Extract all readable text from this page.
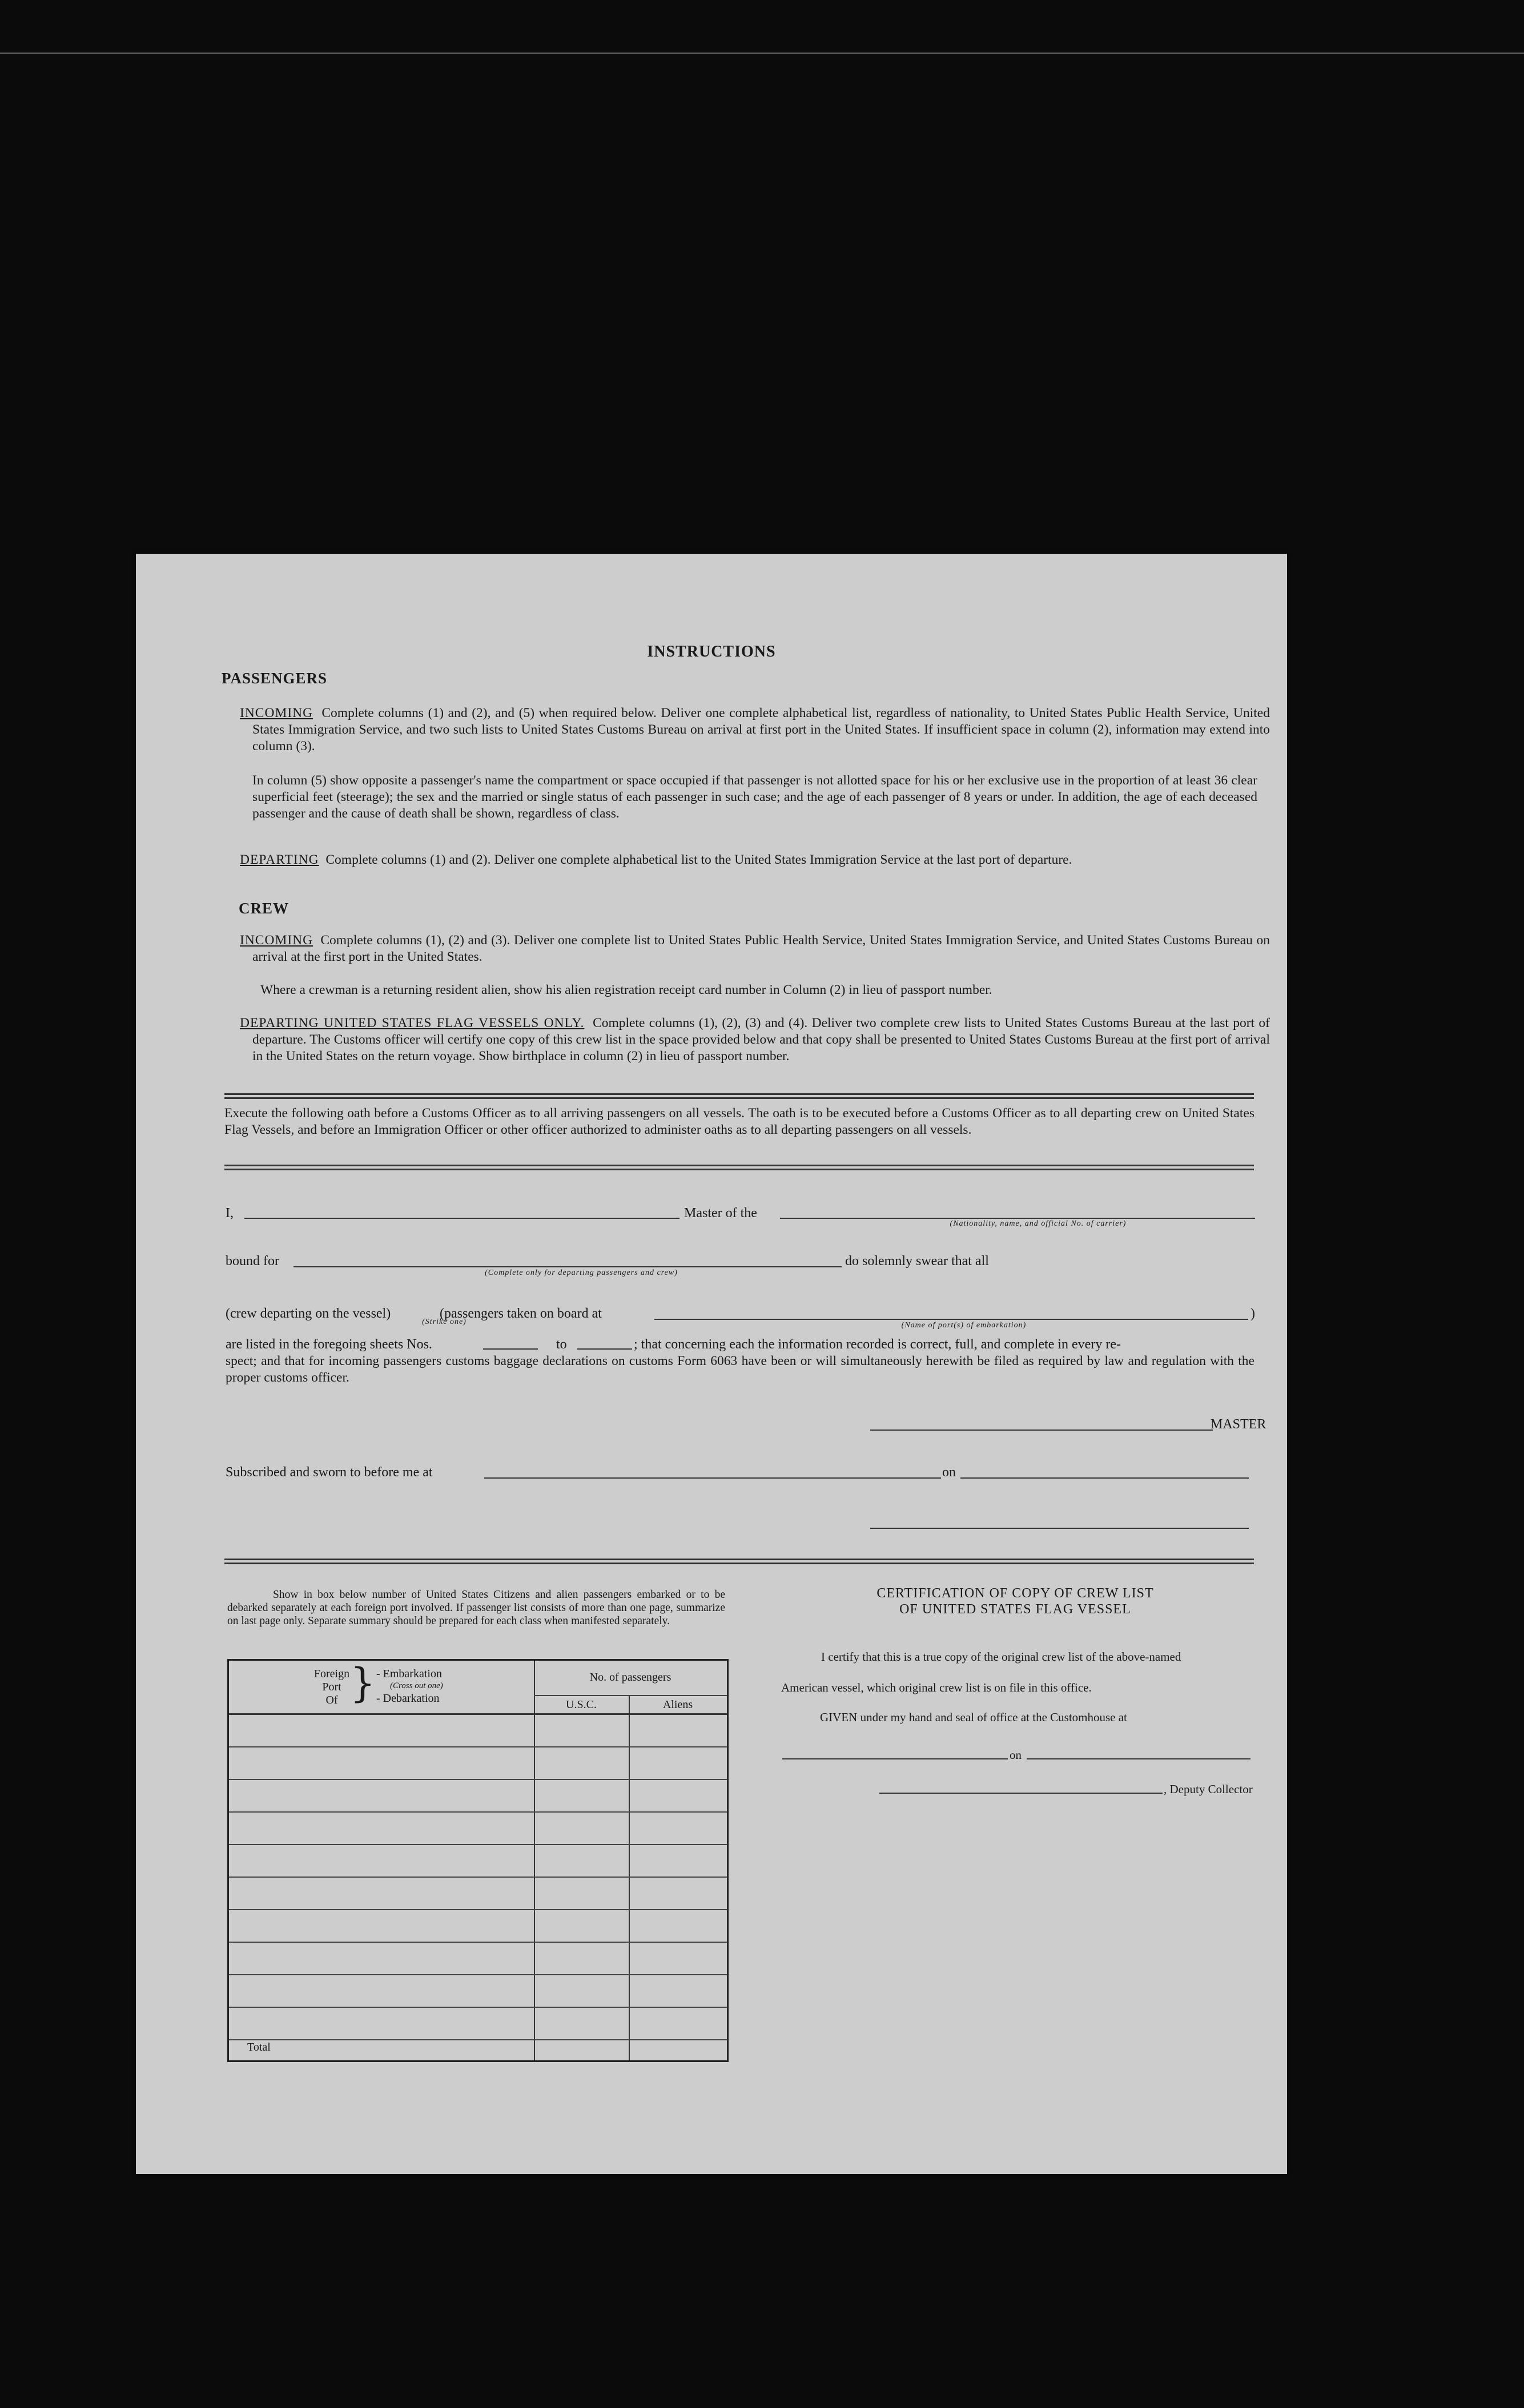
INSTRUCTIONS
PASSENGERS
INCOMING Complete columns (1) and (2), and (5) when required below. Deliver one complete alphabetical list, regardless of nationality, to United States Public Health Service, United States Immigration Service, and two such lists to United States Customs Bureau on arrival at first port in the United States. If insufficient space in column (2), information may extend into column (3).
In column (5) show opposite a passenger's name the compartment or space occupied if that passenger is not allotted space for his or her exclusive use in the proportion of at least 36 clear superficial feet (steerage); the sex and the married or single status of each passenger in such case; and the age of each passenger of 8 years or under. In addition, the age of each deceased passenger and the cause of death shall be shown, regardless of class.
DEPARTING Complete columns (1) and (2). Deliver one complete alphabetical list to the United States Immigration Service at the last port of departure.
CREW
INCOMING Complete columns (1), (2) and (3). Deliver one complete list to United States Public Health Service, United States Immigration Service, and United States Customs Bureau on arrival at the first port in the United States.
Where a crewman is a returning resident alien, show his alien registration receipt card number in Column (2) in lieu of passport number.
DEPARTING UNITED STATES FLAG VESSELS ONLY. Complete columns (1), (2), (3) and (4). Deliver two complete crew lists to United States Customs Bureau at the last port of departure. The Customs officer will certify one copy of this crew list in the space provided below and that copy shall be presented to United States Customs Bureau at the first port of arrival in the United States on the return voyage. Show birthplace in column (2) in lieu of passport number.
Execute the following oath before a Customs Officer as to all arriving passengers on all vessels. The oath is to be executed before a Customs Officer as to all departing crew on United States Flag Vessels, and before an Immigration Officer or other officer authorized to administer oaths as to all departing passengers on all vessels.
I,	Master of the
(Nationality, name, and official No. of carrier)
bound for	do solemnly swear that all
(Complete only for departing passengers and crew)
(crew departing on the vessel)	(passengers taken on board at	)
(Strike one)	(Name of port(s) of embarkation)
are listed in the foregoing sheets Nos.	to	; that concerning each the information recorded is correct, full, and complete in every re-
spect; and that for incoming passengers customs baggage declarations on customs Form 6063 have been or will simultaneously herewith be filed as required by law and regulation with the proper customs officer.
MASTER
Subscribed and sworn to before me at	on
Show in box below number of United States Citizens and alien passengers embarked or to be debarked separately at each foreign port involved. If passenger list consists of more than one page, summarize on last page only. Separate summary should be prepared for each class when manifested separately.
Foreign
Port
Of } - Embarkation
(Cross out one)
- Debarkation
No. of passengers
U.S.C.	Aliens
Total
CERTIFICATION OF COPY OF CREW LIST
OF UNITED STATES FLAG VESSEL
I certify that this is a true copy of the original crew list of the above-named
American vessel, which original crew list is on file in this office.
GIVEN under my hand and seal of office at the Customhouse at
on
, Deputy Collector
